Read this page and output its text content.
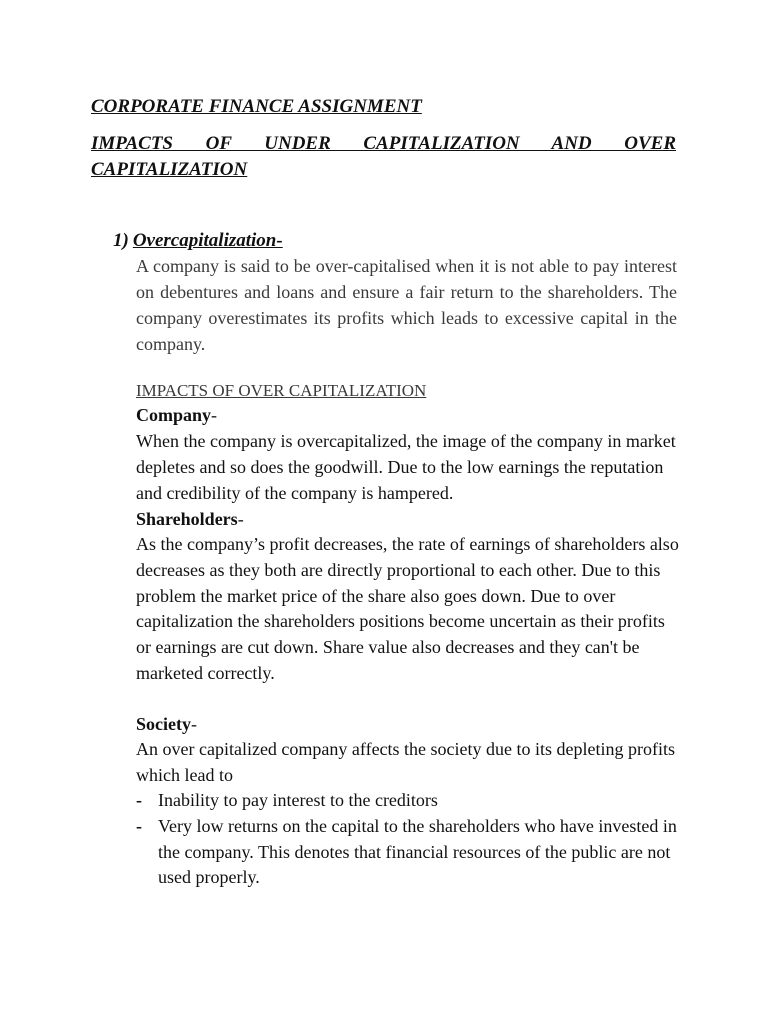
CORPORATE FINANCE ASSIGNMENT
IMPACTS OF UNDER CAPITALIZATION AND OVER
CAPITALIZATION
1) Overcapitalization-

A company is said to be over-capitalised when it is not able to pay interest on debentures and loans and ensure a fair return to the shareholders. The company overestimates its profits which leads to excessive capital in the company.

IMPACTS OF OVER CAPITALIZATION
Company-

When the company is overcapitalized, the image of the company in market depletes and so does the goodwill. Due to the low earnings the reputation and credibility of the company is hampered.

Shareholders-

As the company’s profit decreases, the rate of earnings of shareholders also decreases as they both are directly proportional to each other. Due to this problem the market price of the share also goes down. Due to over capitalization the shareholders positions become uncertain as their profits or earnings are cut down. Share value also decreases and they can't be marketed correctly.

Society-

An over capitalized company affects the society due to its depleting profits which lead to

- Inability to pay interest to the creditors
- Very low returns on the capital to the shareholders who have invested in the company. This denotes that financial resources of the public are not used properly.
